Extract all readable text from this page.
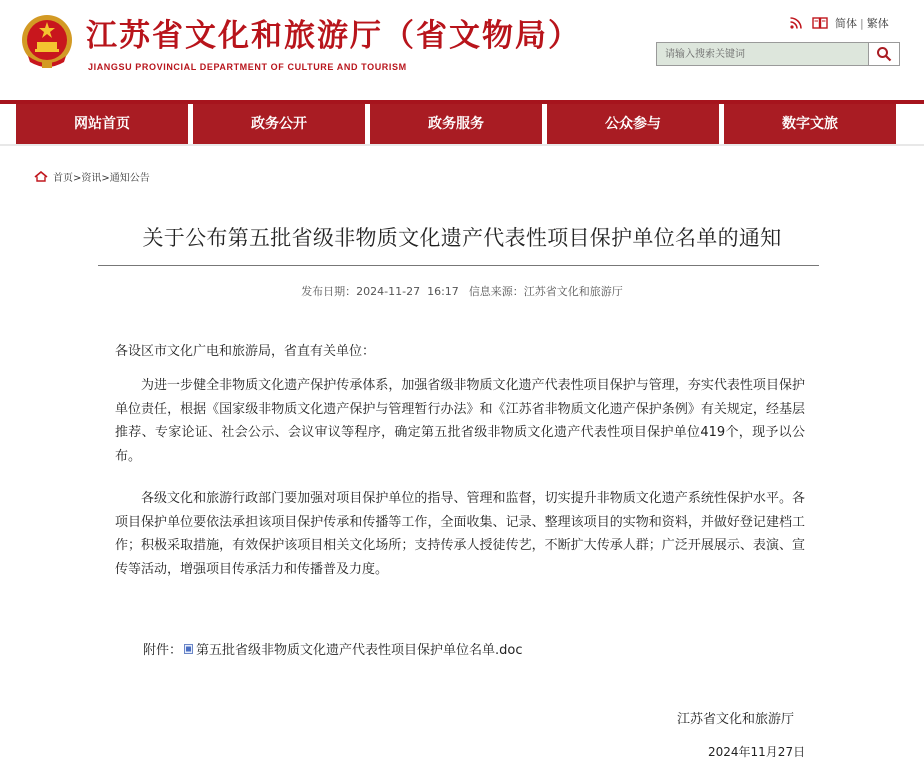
江苏省文化和旅游厅（省文物局）
JIANGSU PROVINCIAL DEPARTMENT OF CULTURE AND TOURISM
简体 | 繁体
请输入搜索关键词
网站首页	政务公开	政务服务	公众参与	数字文旅
首页>资讯>通知公告
关于公布第五批省级非物质文化遗产代表性项目保护单位名单的通知
发布日期：2024-11-27  16:17 信息来源：江苏省文化和旅游厅
各设区市文化广电和旅游局，省直有关单位：
为进一步健全非物质文化遗产保护传承体系，加强省级非物质文化遗产代表性项目保护与管理，夯实代表性项目保护单位责任，根据《国家级非物质文化遗产保护与管理暂行办法》和《江苏省非物质文化遗产保护条例》有关规定，经基层推荐、专家论证、社会公示、会议审议等程序，确定第五批省级非物质文化遗产代表性项目保护单位419个，现予以公布。
各级文化和旅游行政部门要加强对项目保护单位的指导、管理和监督，切实提升非物质文化遗产系统性保护水平。各项目保护单位要依法承担该项目保护传承和传播等工作，全面收集、记录、整理该项目的实物和资料，并做好登记建档工作；积极采取措施，有效保护该项目相关文化场所；支持传承人授徒传艺，不断扩大传承人群；广泛开展展示、表演、宣传等活动，增强项目传承活力和传播普及力度。
附件： 第五批省级非物质文化遗产代表性项目保护单位名单.doc
江苏省文化和旅游厅
2024年11月27日
